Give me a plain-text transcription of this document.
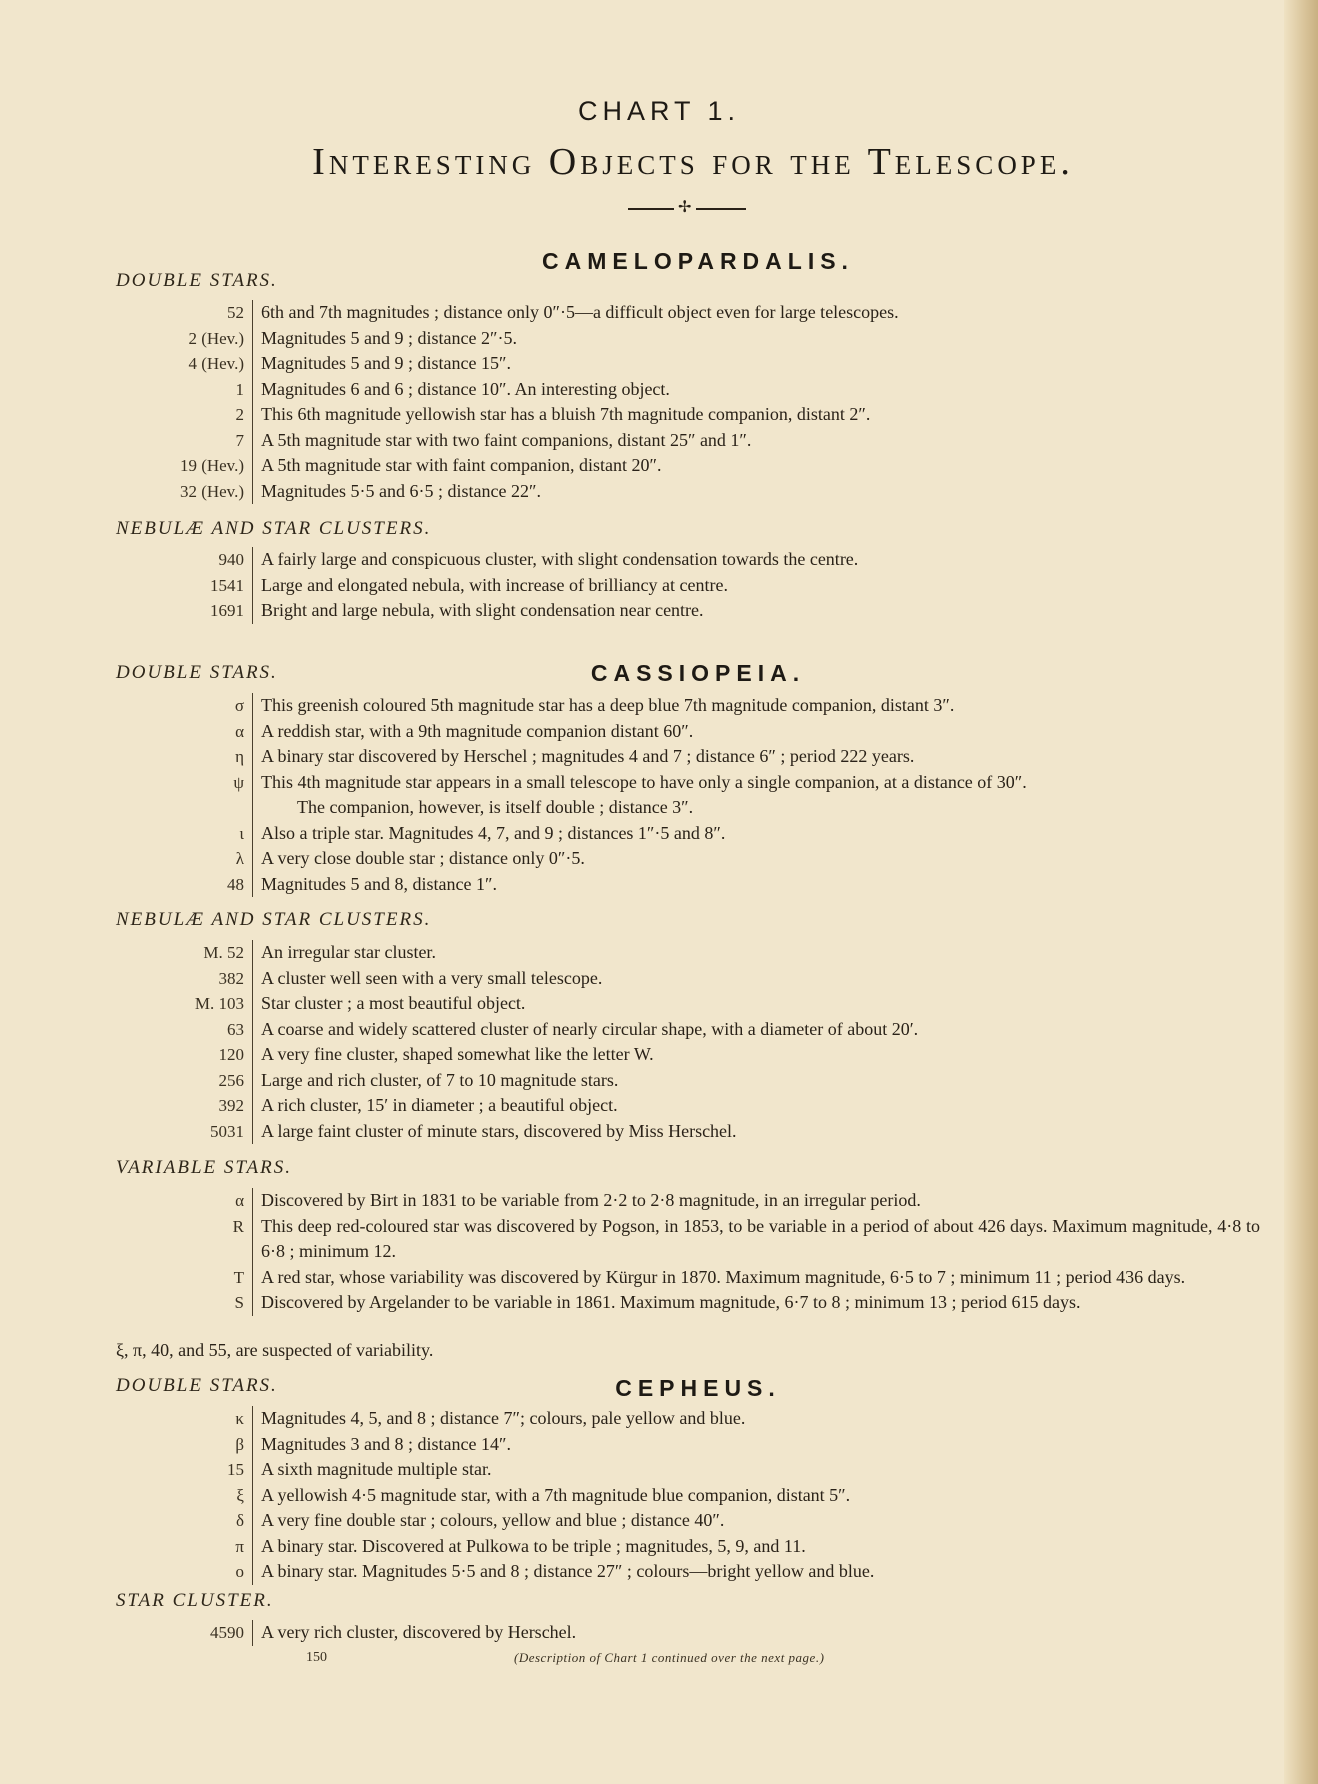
CHART 1.
Interesting Objects for the Telescope.
✢
CAMELOPARDALIS.
DOUBLE STARS.
52 6th and 7th magnitudes ; distance only 0″·5—a difficult object even for large telescopes.
2 (Hev.) Magnitudes 5 and 9 ; distance 2″·5.
4 (Hev.) Magnitudes 5 and 9 ; distance 15″.
1 Magnitudes 6 and 6 ; distance 10″. An interesting object.
2 This 6th magnitude yellowish star has a bluish 7th magnitude companion, distant 2″.
7 A 5th magnitude star with two faint companions, distant 25″ and 1″.
19 (Hev.) A 5th magnitude star with faint companion, distant 20″.
32 (Hev.) Magnitudes 5·5 and 6·5 ; distance 22″.
NEBULÆ AND STAR CLUSTERS.
940 A fairly large and conspicuous cluster, with slight condensation towards the centre.
1541 Large and elongated nebula, with increase of brilliancy at centre.
1691 Bright and large nebula, with slight condensation near centre.
CASSIOPEIA.
DOUBLE STARS.
σ This greenish coloured 5th magnitude star has a deep blue 7th magnitude companion, distant 3″.
α A reddish star, with a 9th magnitude companion distant 60″.
η A binary star discovered by Herschel ; magnitudes 4 and 7 ; distance 6″ ; period 222 years.
ψ This 4th magnitude star appears in a small telescope to have only a single companion, at a distance of 30″.
The companion, however, is itself double ; distance 3″.
ι Also a triple star. Magnitudes 4, 7, and 9 ; distances 1″·5 and 8″.
λ A very close double star ; distance only 0″·5.
48 Magnitudes 5 and 8, distance 1″.
NEBULÆ AND STAR CLUSTERS.
M. 52 An irregular star cluster.
382 A cluster well seen with a very small telescope.
M. 103 Star cluster ; a most beautiful object.
63 A coarse and widely scattered cluster of nearly circular shape, with a diameter of about 20′.
120 A very fine cluster, shaped somewhat like the letter W.
256 Large and rich cluster, of 7 to 10 magnitude stars.
392 A rich cluster, 15′ in diameter ; a beautiful object.
5031 A large faint cluster of minute stars, discovered by Miss Herschel.
VARIABLE STARS.
α Discovered by Birt in 1831 to be variable from 2·2 to 2·8 magnitude, in an irregular period.
R This deep red-coloured star was discovered by Pogson, in 1853, to be variable in a period of about 426 days. Maximum magnitude, 4·8 to 6·8 ; minimum 12.
T A red star, whose variability was discovered by Kürgur in 1870. Maximum magnitude, 6·5 to 7 ; minimum 11 ; period 436 days.
S Discovered by Argelander to be variable in 1861. Maximum magnitude, 6·7 to 8 ; minimum 13 ; period 615 days.
ξ, π, 40, and 55, are suspected of variability.
CEPHEUS.
DOUBLE STARS.
κ Magnitudes 4, 5, and 8 ; distance 7″; colours, pale yellow and blue.
β Magnitudes 3 and 8 ; distance 14″.
15 A sixth magnitude multiple star.
ξ A yellowish 4·5 magnitude star, with a 7th magnitude blue companion, distant 5″.
δ A very fine double star ; colours, yellow and blue ; distance 40″.
π A binary star. Discovered at Pulkowa to be triple ; magnitudes, 5, 9, and 11.
ο A binary star. Magnitudes 5·5 and 8 ; distance 27″ ; colours—bright yellow and blue.
STAR CLUSTER.
4590 A very rich cluster, discovered by Herschel.
150	(Description of Chart 1 continued over the next page.)
